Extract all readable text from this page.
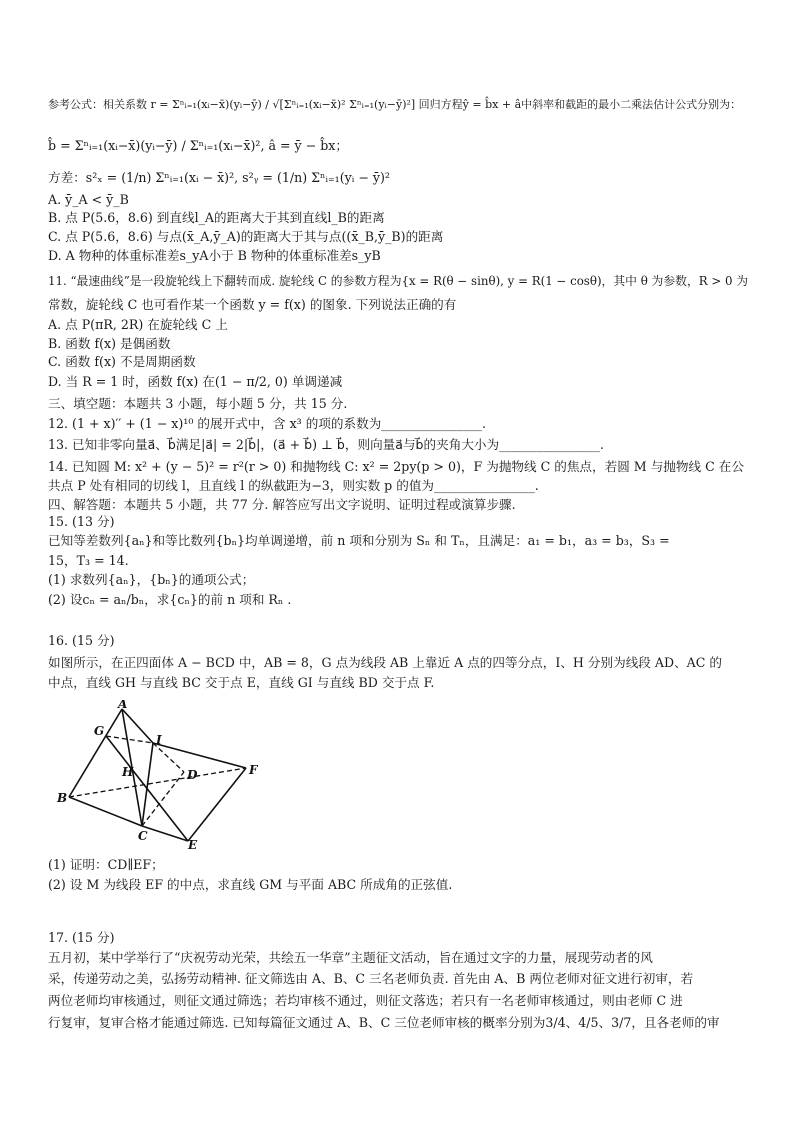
参考公式：相关系数 r = Σⁿᵢ₌₁(xᵢ−x̄)(yᵢ−ȳ) / √[Σⁿᵢ₌₁(xᵢ−x̄)² Σⁿᵢ₌₁(yᵢ−ȳ)²] 回归方程ŷ = b̂x + â中斜率和截距的最小二乘法估计公式分别为：
b̂ = Σⁿᵢ₌₁(xᵢ−x̄)(yᵢ−ȳ) / Σⁿᵢ₌₁(xᵢ−x̄)², â = ȳ − b̂x；
方差：s²ₓ = (1/n) Σⁿᵢ₌₁(xᵢ − x̄)², s²ᵧ = (1/n) Σⁿᵢ₌₁(yᵢ − ȳ)²
A. ȳ_A < ȳ_B
B. 点 P(5.6，8.6) 到直线l_A的距离大于其到直线l_B的距离
C. 点 P(5.6，8.6) 与点(x̄_A,ȳ_A)的距离大于其与点((x̄_B,ȳ_B)的距离
D. A 物种的体重标准差s_yA小于 B 物种的体重标准差s_yB
11. “最速曲线”是一段旋轮线上下翻转而成. 旋轮线 C 的参数方程为{x = R(θ − sinθ), y = R(1 − cosθ)，其中 θ 为参数，R > 0 为
常数，旋轮线 C 也可看作某一个函数 y = f(x) 的图象. 下列说法正确的有
A. 点 P(πR, 2R) 在旋轮线 C 上
B. 函数 f(x) 是偶函数
C. 函数 f(x) 不是周期函数
D. 当 R = 1 时，函数 f(x) 在(1 − π/2, 0) 单调递减
三、填空题：本题共 3 小题，每小题 5 分，共 15 分.
12. (1 + x)′′ + (1 − x)¹⁰ 的展开式中，含 x³ 的项的系数为________________.
13. 已知非零向量a⃗、b⃗满足|a⃗| = 2|b⃗|，(a⃗ + b⃗) ⊥ b⃗，则向量a⃗与b⃗的夹角大小为________________.
14. 已知圆 M: x² + (y − 5)² = r²(r > 0) 和抛物线 C: x² = 2py(p > 0)，F 为抛物线 C 的焦点，若圆 M 与抛物线 C 在公
共点 P 处有相同的切线 l，且直线 l 的纵截距为−3，则实数 p 的值为________________.
四、解答题：本题共 5 小题，共 77 分. 解答应写出文字说明、证明过程或演算步骤.
15. (13 分)
已知等差数列{aₙ}和等比数列{bₙ}均单调递增，前 n 项和分别为 Sₙ 和 Tₙ，且满足：a₁ = b₁，a₃ = b₃，S₃ =
15，T₃ = 14.
(1) 求数列{aₙ}，{bₙ}的通项公式；
(2) 设cₙ = aₙ/bₙ，求{cₙ}的前 n 项和 Rₙ .
16. (15 分)
如图所示，在正四面体 A − BCD 中，AB = 8，G 点为线段 AB 上靠近 A 点的四等分点，I、H 分别为线段 AD、AC 的
中点，直线 GH 与直线 BC 交于点 E，直线 GI 与直线 BD 交于点 F.
A
G
I
H	D	F
B
C
E
(1) 证明：CD∥EF；
(2) 设 M 为线段 EF 的中点，求直线 GM 与平面 ABC 所成角的正弦值.
17. (15 分)
五月初，某中学举行了“庆祝劳动光荣，共绘五一华章”主题征文活动，旨在通过文字的力量，展现劳动者的风
采，传递劳动之美，弘扬劳动精神. 征文筛选由 A、B、C 三名老师负责. 首先由 A、B 两位老师对征文进行初审，若
两位老师均审核通过，则征文通过筛选；若均审核不通过，则征文落选；若只有一名老师审核通过，则由老师 C 进
行复审，复审合格才能通过筛选. 已知每篇征文通过 A、B、C 三位老师审核的概率分别为3/4、4/5、3/7，且各老师的审
